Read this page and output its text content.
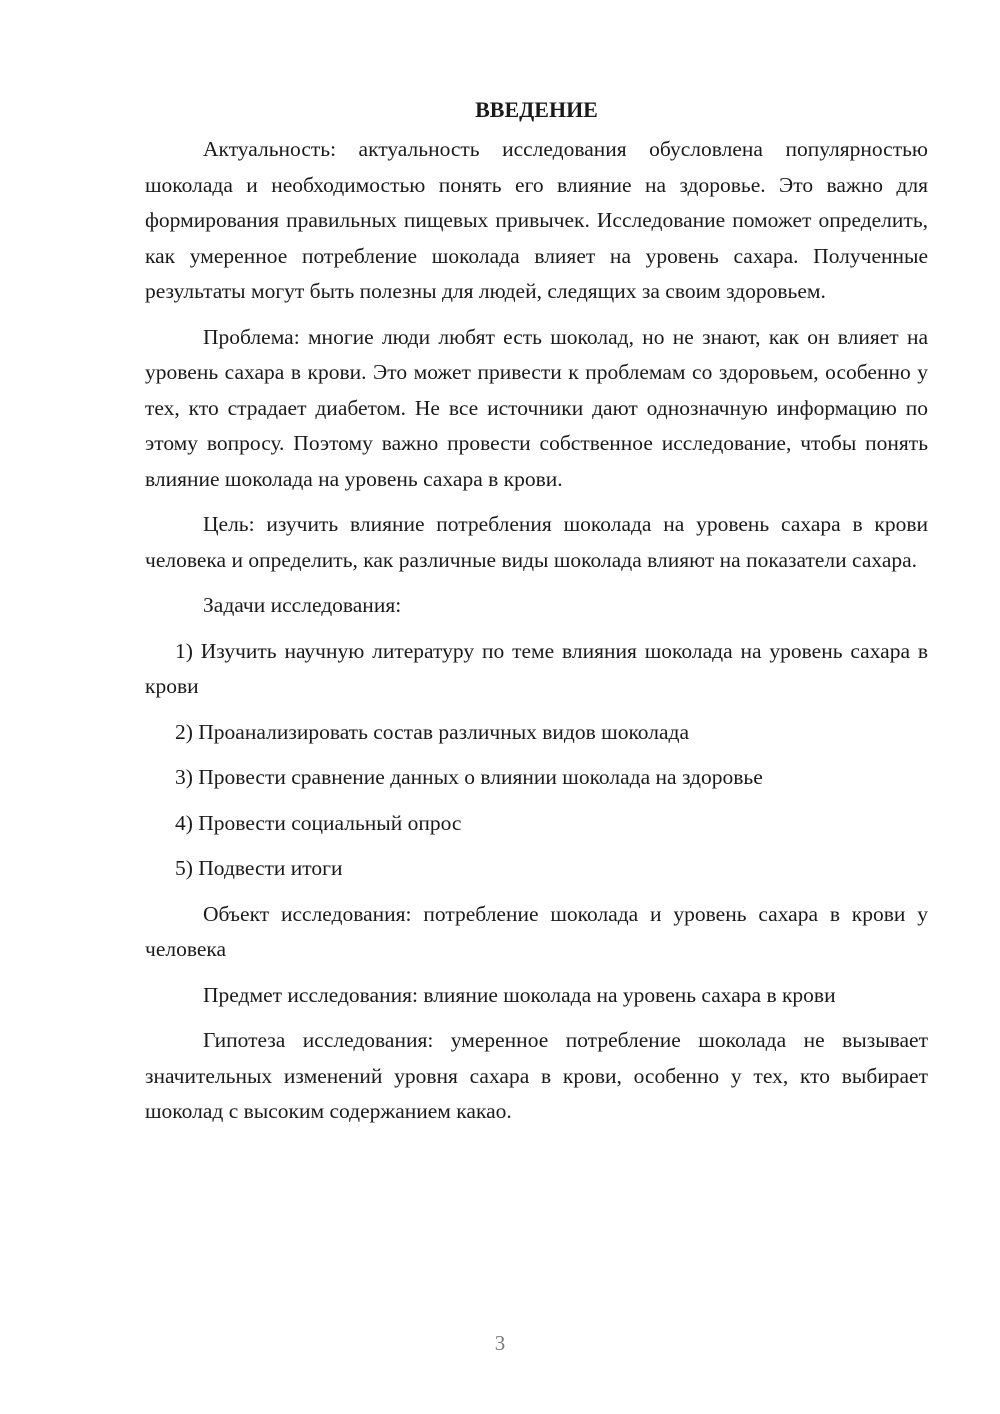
ВВЕДЕНИЕ

Актуальность: актуальность исследования обусловлена популярностью шоколада и необходимостью понять его влияние на здоровье. Это важно для формирования правильных пищевых привычек. Исследование поможет определить, как умеренное потребление шоколада влияет на уровень сахара. Полученные результаты могут быть полезны для людей, следящих за своим здоровьем.

Проблема: многие люди любят есть шоколад, но не знают, как он влияет на уровень сахара в крови. Это может привести к проблемам со здоровьем, особенно у тех, кто страдает диабетом. Не все источники дают однозначную информацию по этому вопросу. Поэтому важно провести собственное исследование, чтобы понять влияние шоколада на уровень сахара в крови.

Цель: изучить влияние потребления шоколада на уровень сахара в крови человека и определить, как различные виды шоколада влияют на показатели сахара.

Задачи исследования:

1) Изучить научную литературу по теме влияния шоколада на уровень сахара в крови

2) Проанализировать состав различных видов шоколада

3) Провести сравнение данных о влиянии шоколада на здоровье

4) Провести социальный опрос

5) Подвести итоги

Объект исследования: потребление шоколада и уровень сахара в крови у человека

Предмет исследования: влияние шоколада на уровень сахара в крови

Гипотеза исследования: умеренное потребление шоколада не вызывает значительных изменений уровня сахара в крови, особенно у тех, кто выбирает шоколад с высоким содержанием какао.

3
